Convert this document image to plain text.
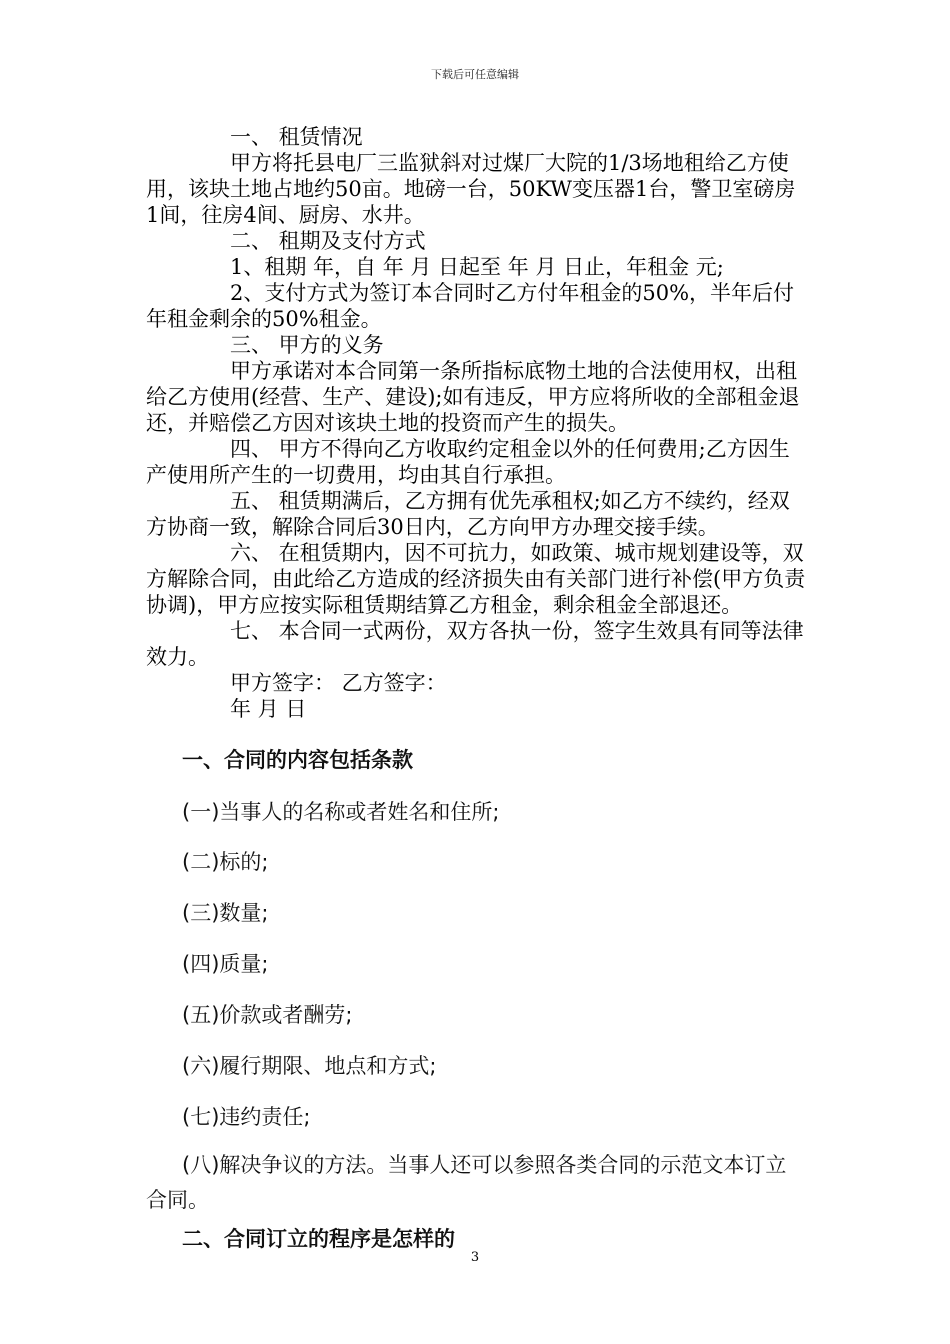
下载后可任意编辑

一、 租赁情况

甲方将托县电厂三监狱斜对过煤厂大院的1/3场地租给乙方使用，该块土地占地约50亩。地磅一台，50KW变压器1台，警卫室磅房1间，往房4间、厨房、水井。

二、 租期及支付方式

1、租期 年，自 年 月 日起至 年 月 日止，年租金 元;

2、支付方式为签订本合同时乙方付年租金的50%，半年后付年租金剩余的50%租金。

三、 甲方的义务

甲方承诺对本合同第一条所指标底物土地的合法使用权，出租给乙方使用(经营、生产、建设);如有违反，甲方应将所收的全部租金退还，并赔偿乙方因对该块土地的投资而产生的损失。

四、 甲方不得向乙方收取约定租金以外的任何费用;乙方因生产使用所产生的一切费用，均由其自行承担。

五、 租赁期满后，乙方拥有优先承租权;如乙方不续约，经双方协商一致，解除合同后30日内，乙方向甲方办理交接手续。

六、 在租赁期内，因不可抗力，如政策、城市规划建设等，双方解除合同，由此给乙方造成的经济损失由有关部门进行补偿(甲方负责协调)，甲方应按实际租赁期结算乙方租金，剩余租金全部退还。

七、 本合同一式两份，双方各执一份，签字生效具有同等法律效力。

甲方签字： 乙方签字：

年 月 日

一、合同的内容包括条款

(一)当事人的名称或者姓名和住所;

(二)标的;

(三)数量;

(四)质量;

(五)价款或者酬劳;

(六)履行期限、地点和方式;

(七)违约责任;

(八)解决争议的方法。当事人还可以参照各类合同的示范文本订立合同。

二、合同订立的程序是怎样的

3
